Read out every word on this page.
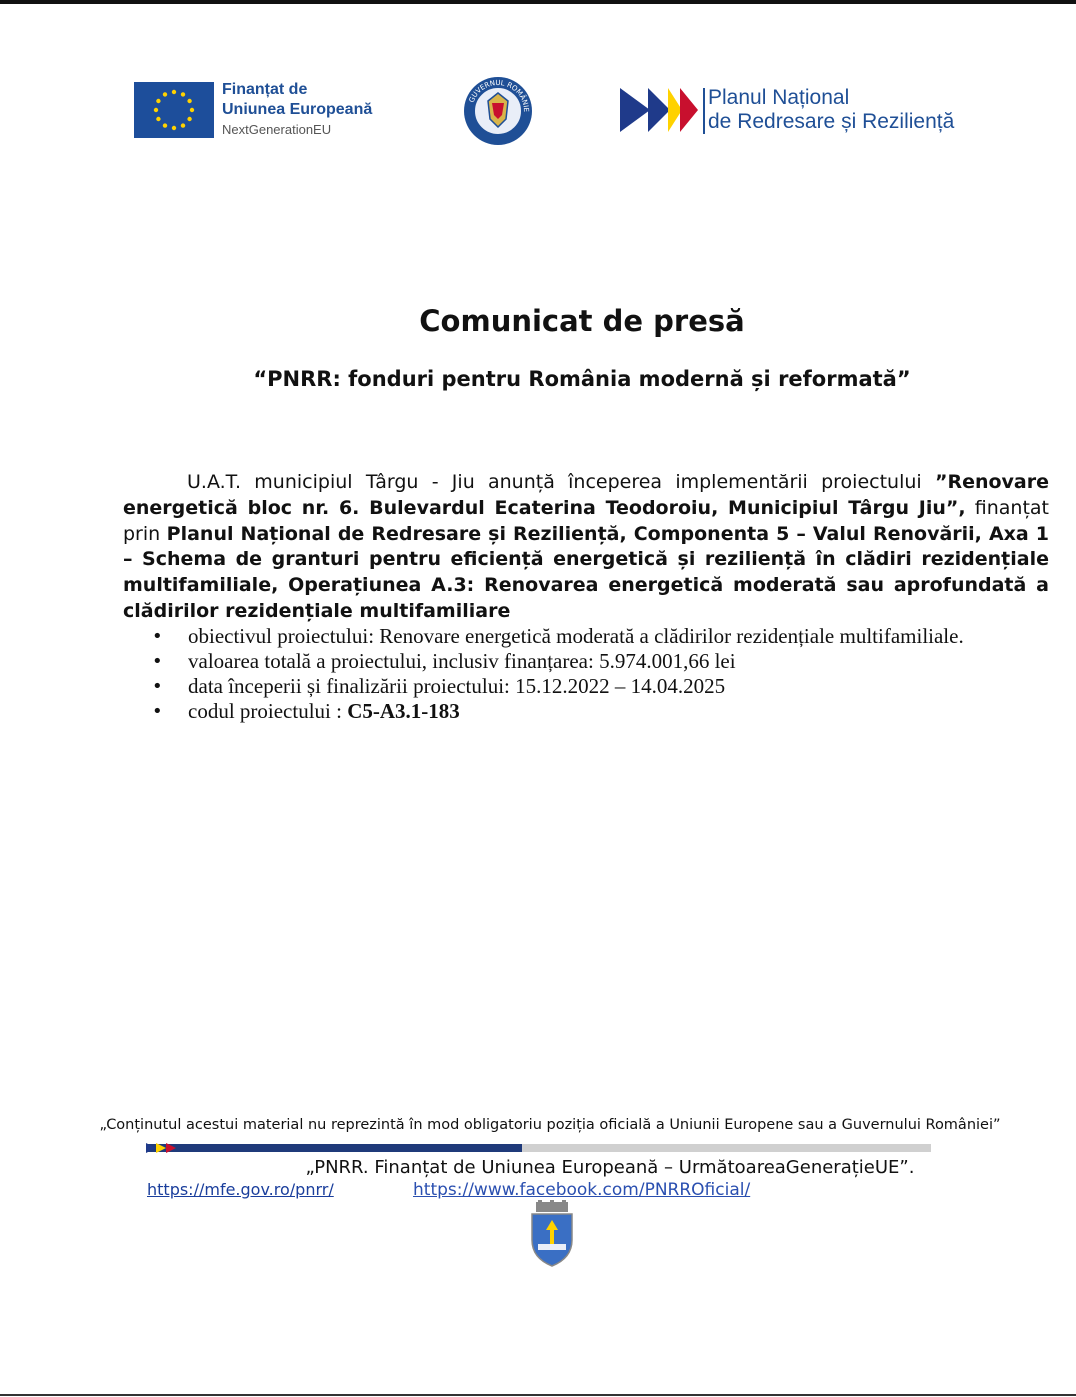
Finanțat de
Uniunea Europeană
NextGenerationEU
GUVERNUL ROMÂNIE
Planul Național
de Redresare și Reziliență
Comunicat de presă
“PNRR: fonduri pentru România modernă și reformată”
U.A.T. municipiul Târgu - Jiu anunță începerea implementării proiectului ”Renovare energetică bloc nr. 6. Bulevardul Ecaterina Teodoroiu, Municipiul Târgu Jiu”, finanțat prin Planul Național de Redresare și Reziliență, Componenta 5 – Valul Renovării, Axa 1 – Schema de granturi pentru eficiență energetică și reziliență în clădiri rezidențiale multifamiliale, Operațiunea A.3: Renovarea energetică moderată sau aprofundată a clădirilor rezidențiale multifamiliare
• obiectivul proiectului: Renovare energetică moderată a clădirilor rezidențiale multifamiliale.
• valoarea totală a proiectului, inclusiv finanțarea: 5.974.001,66 lei
• data începerii și finalizării proiectului: 15.12.2022 – 14.04.2025
• codul proiectului : C5-A3.1-183
„Conținutul acestui material nu reprezintă în mod obligatoriu poziția oficială a Uniunii Europene sau a Guvernului României”
„PNRR. Finanțat de Uniunea Europeană – UrmătoareaGenerațieUE”.
https://mfe.gov.ro/pnrr/	https://www.facebook.com/PNRROficial/
